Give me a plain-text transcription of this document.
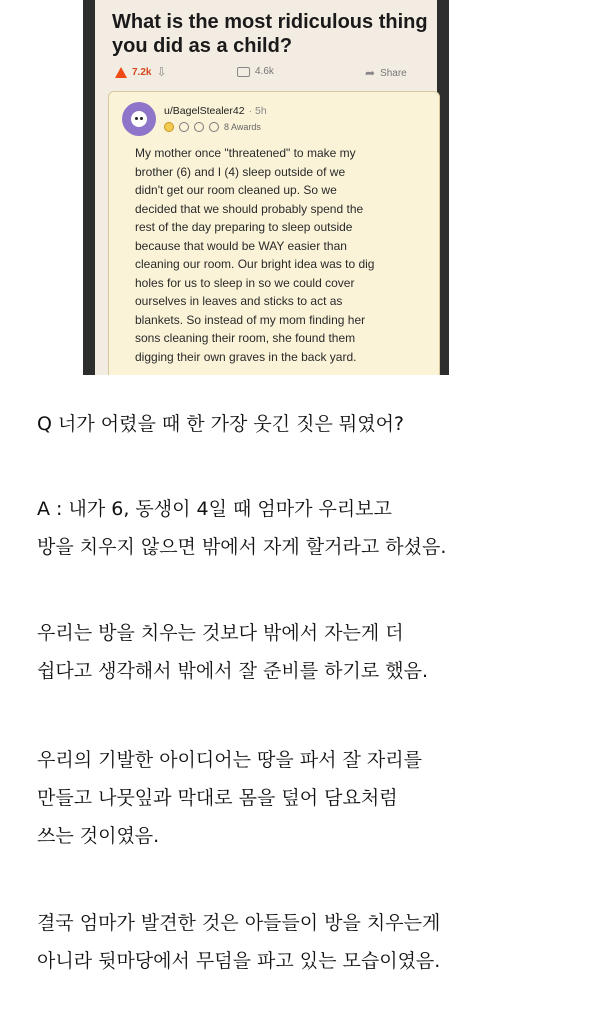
What is the most ridiculous thing you did as a child?
7.2k ⇩	4.6k	➦ Share
u/BagelStealer42 · 5h
8 Awards

My mother once "threatened" to make my
brother (6) and I (4) sleep outside of we
didn't get our room cleaned up. So we
decided that we should probably spend the
rest of the day preparing to sleep outside
because that would be WAY easier than
cleaning our room. Our bright idea was to dig
holes for us to sleep in so we could cover
ourselves in leaves and sticks to act as
blankets. So instead of my mom finding her
sons cleaning their room, she found them
digging their own graves in the back yard.

Q 너가 어렸을 때 한 가장 웃긴 짓은 뭐였어?

A : 내가 6, 동생이 4일 때 엄마가 우리보고
방을 치우지 않으면 밖에서 자게 할거라고 하셨음.

우리는 방을 치우는 것보다 밖에서 자는게 더
쉽다고 생각해서 밖에서 잘 준비를 하기로 했음.

우리의 기발한 아이디어는 땅을 파서 잘 자리를
만들고 나뭇잎과 막대로 몸을 덮어 담요처럼
쓰는 것이였음.

결국 엄마가 발견한 것은 아들들이 방을 치우는게
아니라 뒷마당에서 무덤을 파고 있는 모습이였음.
